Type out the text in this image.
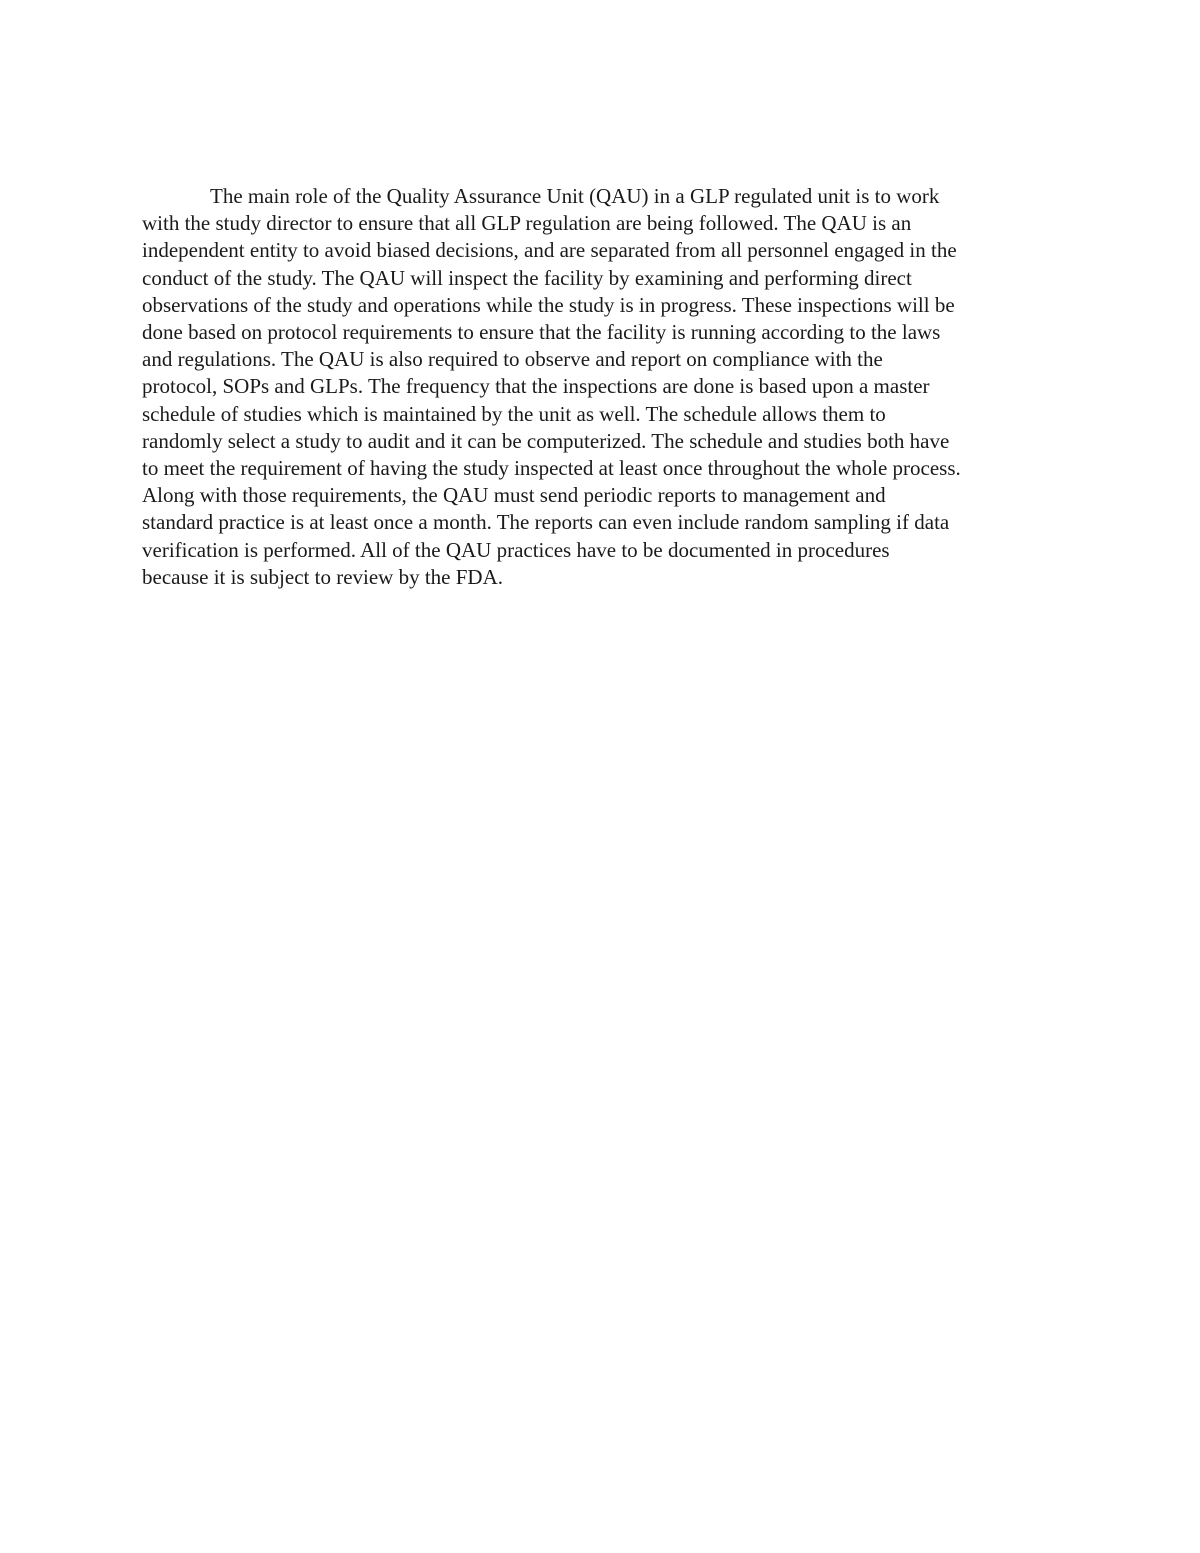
The main role of the Quality Assurance Unit (QAU) in a GLP regulated unit is to work
with the study director to ensure that all GLP regulation are being followed. The QAU is an
independent entity to avoid biased decisions, and are separated from all personnel engaged in the
conduct of the study. The QAU will inspect the facility by examining and performing direct
observations of the study and operations while the study is in progress. These inspections will be
done based on protocol requirements to ensure that the facility is running according to the laws
and regulations. The QAU is also required to observe and report on compliance with the
protocol, SOPs and GLPs. The frequency that the inspections are done is based upon a master
schedule of studies which is maintained by the unit as well. The schedule allows them to
randomly select a study to audit and it can be computerized. The schedule and studies both have
to meet the requirement of having the study inspected at least once throughout the whole process.
Along with those requirements, the QAU must send periodic reports to management and
standard practice is at least once a month. The reports can even include random sampling if data
verification is performed. All of the QAU practices have to be documented in procedures
because it is subject to review by the FDA.
